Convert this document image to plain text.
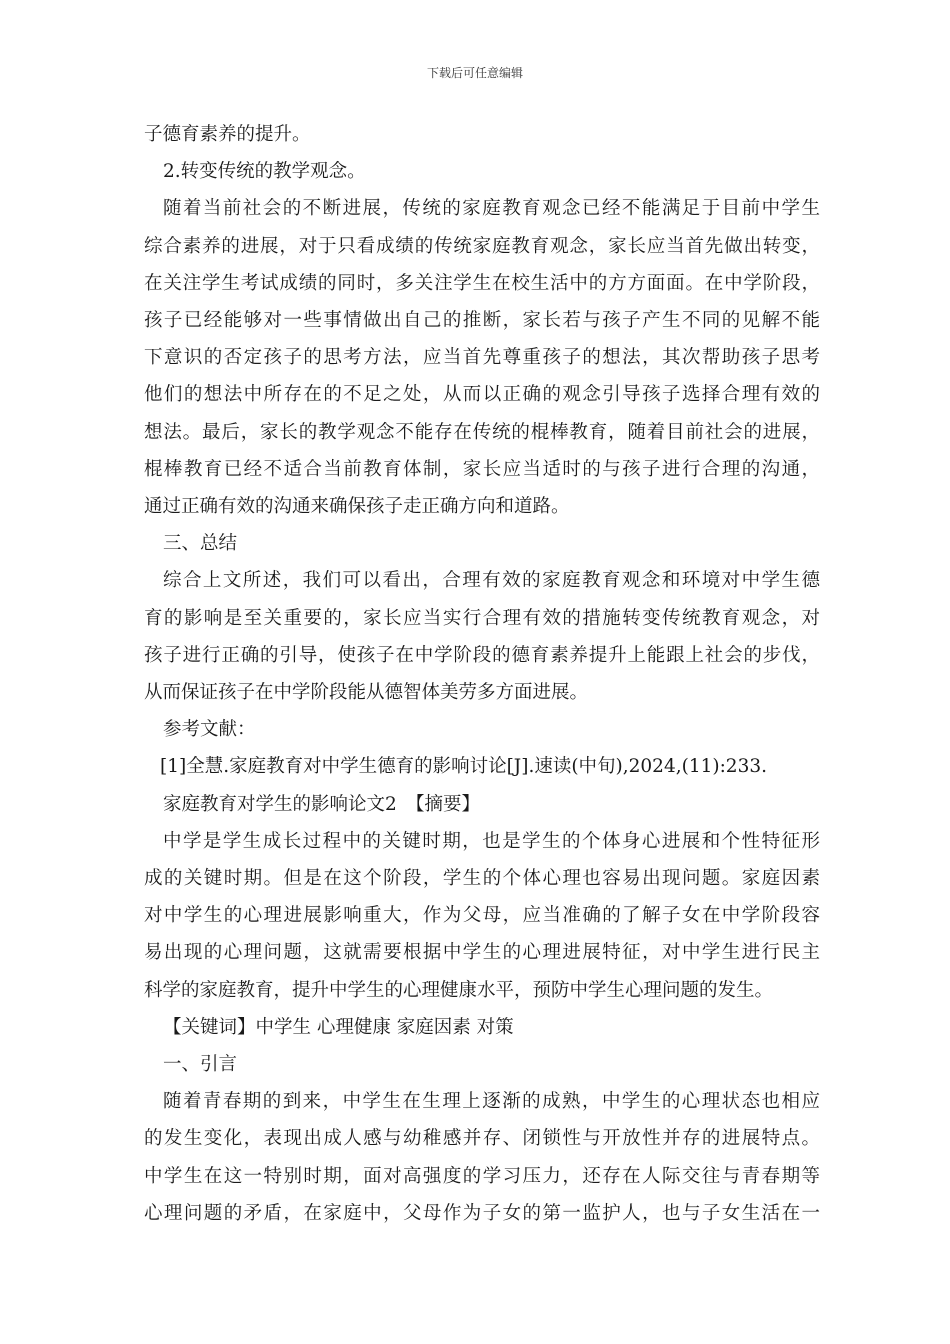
下载后可任意编辑
子德育素养的提升。
2.转变传统的教学观念。
随着当前社会的不断进展，传统的家庭教育观念已经不能满足于目前中学生
综合素养的进展，对于只看成绩的传统家庭教育观念，家长应当首先做出转变，
在关注学生考试成绩的同时，多关注学生在校生活中的方方面面。在中学阶段，
孩子已经能够对一些事情做出自己的推断，家长若与孩子产生不同的见解不能
下意识的否定孩子的思考方法，应当首先尊重孩子的想法，其次帮助孩子思考
他们的想法中所存在的不足之处，从而以正确的观念引导孩子选择合理有效的
想法。最后，家长的教学观念不能存在传统的棍棒教育，随着目前社会的进展，
棍棒教育已经不适合当前教育体制，家长应当适时的与孩子进行合理的沟通，
通过正确有效的沟通来确保孩子走正确方向和道路。
三、总结
综合上文所述，我们可以看出，合理有效的家庭教育观念和环境对中学生德
育的影响是至关重要的，家长应当实行合理有效的措施转变传统教育观念，对
孩子进行正确的引导，使孩子在中学阶段的德育素养提升上能跟上社会的步伐，
从而保证孩子在中学阶段能从德智体美劳多方面进展。
参考文献：
[1]全慧.家庭教育对中学生德育的影响讨论[J].速读(中旬),2024,(11):233.
家庭教育对学生的影响论文2　【摘要】
中学是学生成长过程中的关键时期，也是学生的个体身心进展和个性特征形
成的关键时期。但是在这个阶段，学生的个体心理也容易出现问题。家庭因素
对中学生的心理进展影响重大，作为父母，应当准确的了解子女在中学阶段容
易出现的心理问题，这就需要根据中学生的心理进展特征，对中学生进行民主
科学的家庭教育，提升中学生的心理健康水平，预防中学生心理问题的发生。
【关键词】中学生 心理健康 家庭因素 对策
一、引言
随着青春期的到来，中学生在生理上逐渐的成熟，中学生的心理状态也相应
的发生变化，表现出成人感与幼稚感并存、闭锁性与开放性并存的进展特点。
中学生在这一特别时期，面对高强度的学习压力，还存在人际交往与青春期等
心理问题的矛盾，在家庭中，父母作为子女的第一监护人，也与子女生活在一
